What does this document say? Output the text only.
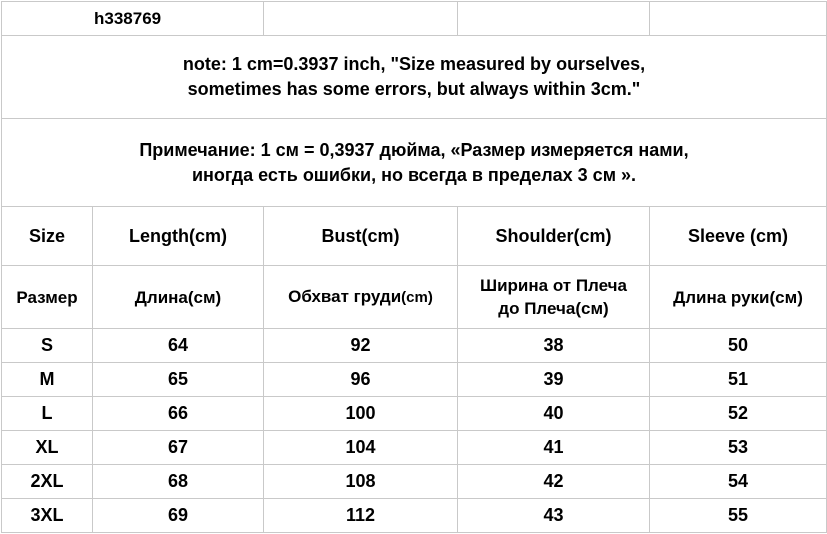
h338769				

note: 1 cm=0.3937 inch, "Size measured by ourselves,
sometimes has some errors, but always within 3cm."				

Примечание: 1 см = 0,3937 дюйма, «Размер измеряется нами,
иногда есть ошибки, но всегда в пределах 3 см ».				

Size	Length(cm)	Bust(cm)	Shoulder(cm)	Sleeve (cm)
Размер	Длина(см)	Обхват груди(cm)	Ширина от Плеча
до Плеча(см)	Длина руки(см)
S	64	92	38	50
M	65	96	39	51
L	66	100	40	52
XL	67	104	41	53
2XL	68	108	42	54
3XL	69	112	43	55
